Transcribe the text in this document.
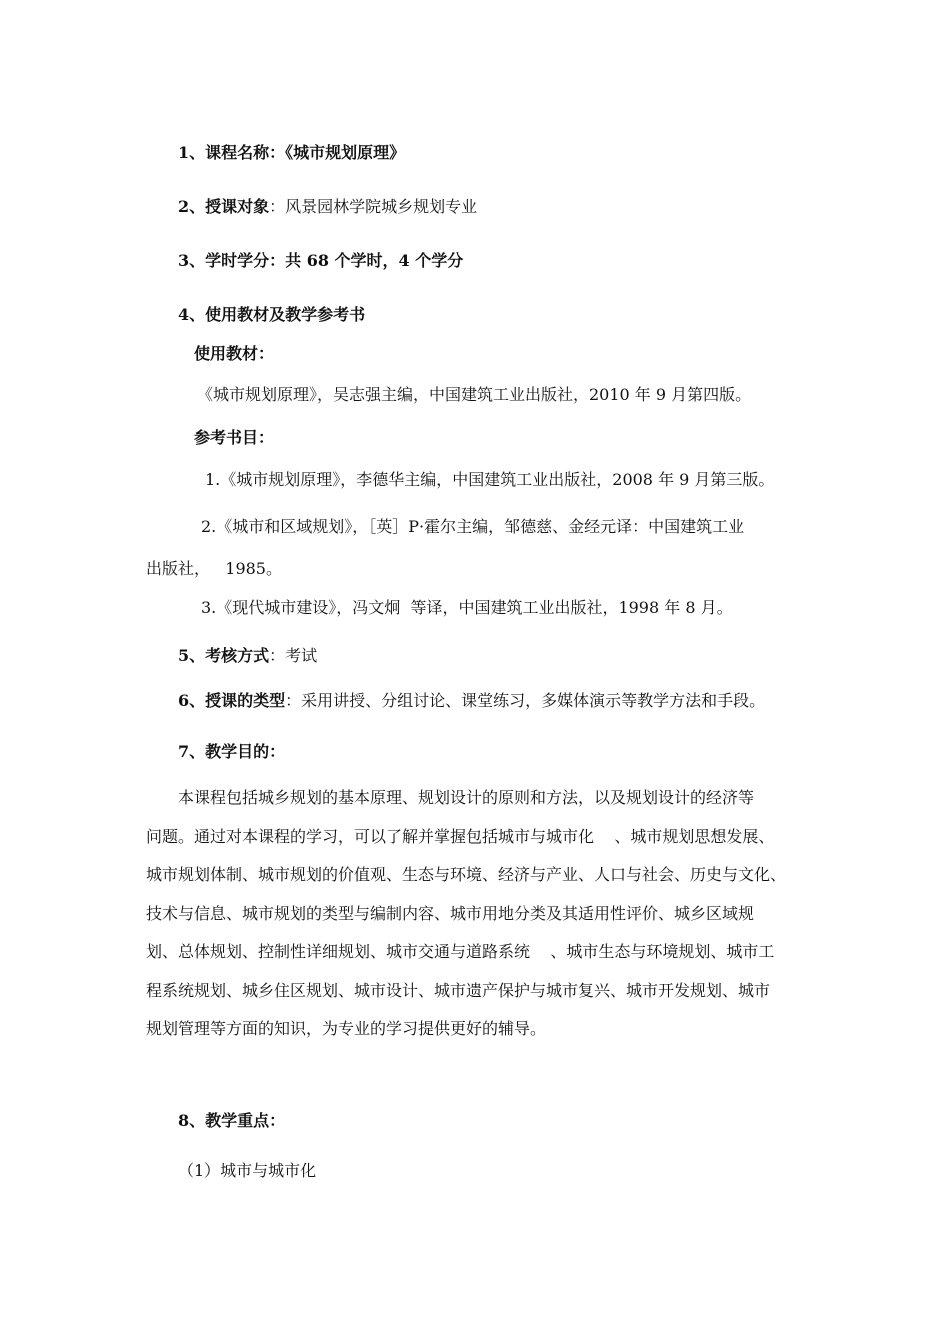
1、课程名称：《城市规划原理》
2、授课对象：风景园林学院城乡规划专业
3、学时学分：共 68 个学时，4 个学分
4、使用教材及教学参考书
使用教材：
《城市规划原理》，吴志强主编，中国建筑工业出版社，2010 年 9 月第四版。
参考书目：
1.《城市规划原理》，李德华主编，中国建筑工业出版社，2008 年 9 月第三版。
2.《城市和区域规划》，［英］P·霍尔主编，邹德慈、金经元译：中国建筑工业
出版社，   1985。
3.《现代城市建设》，冯文炯  等译，中国建筑工业出版社，1998 年 8 月。
5、考核方式：考试
6、授课的类型：采用讲授、分组讨论、课堂练习，多媒体演示等教学方法和手段。
7、教学目的：
本课程包括城乡规划的基本原理、规划设计的原则和方法，以及规划设计的经济等
问题。通过对本课程的学习，可以了解并掌握包括城市与城市化    、城市规划思想发展、
城市规划体制、城市规划的价值观、生态与环境、经济与产业、人口与社会、历史与文化、
技术与信息、城市规划的类型与编制内容、城市用地分类及其适用性评价、城乡区域规
划、总体规划、控制性详细规划、城市交通与道路系统    、城市生态与环境规划、城市工
程系统规划、城乡住区规划、城市设计、城市遗产保护与城市复兴、城市开发规划、城市
规划管理等方面的知识，为专业的学习提供更好的辅导。
8、教学重点：
（1）城市与城市化
